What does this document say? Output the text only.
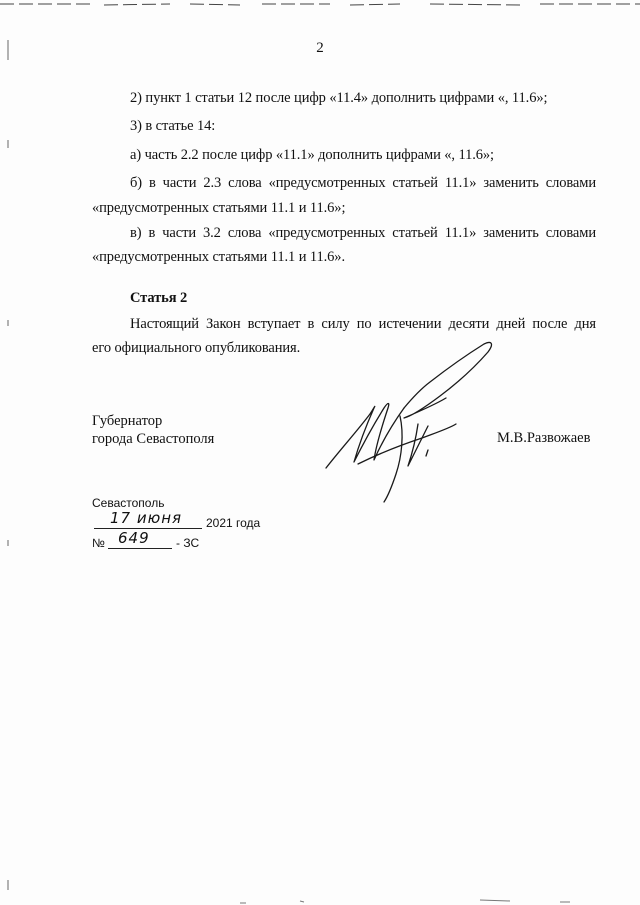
2
2) пункт 1 статьи 12 после цифр «11.4» дополнить цифрами «, 11.6»;
3) в статье 14:
а) часть 2.2 после цифр «11.1» дополнить цифрами «, 11.6»;
б) в части 2.3 слова «предусмотренных статьей 11.1» заменить словами
«предусмотренных статьями 11.1 и 11.6»;
в) в части 3.2 слова «предусмотренных статьей 11.1» заменить словами
«предусмотренных статьями 11.1 и 11.6».
Статья 2
Настоящий Закон вступает в силу по истечении десяти дней после дня
его официального опубликования.
Губернатор
города Севастополя	М.В.Развожаев
Севастополь
17 июня 2021 года
№ 649 - ЗС
